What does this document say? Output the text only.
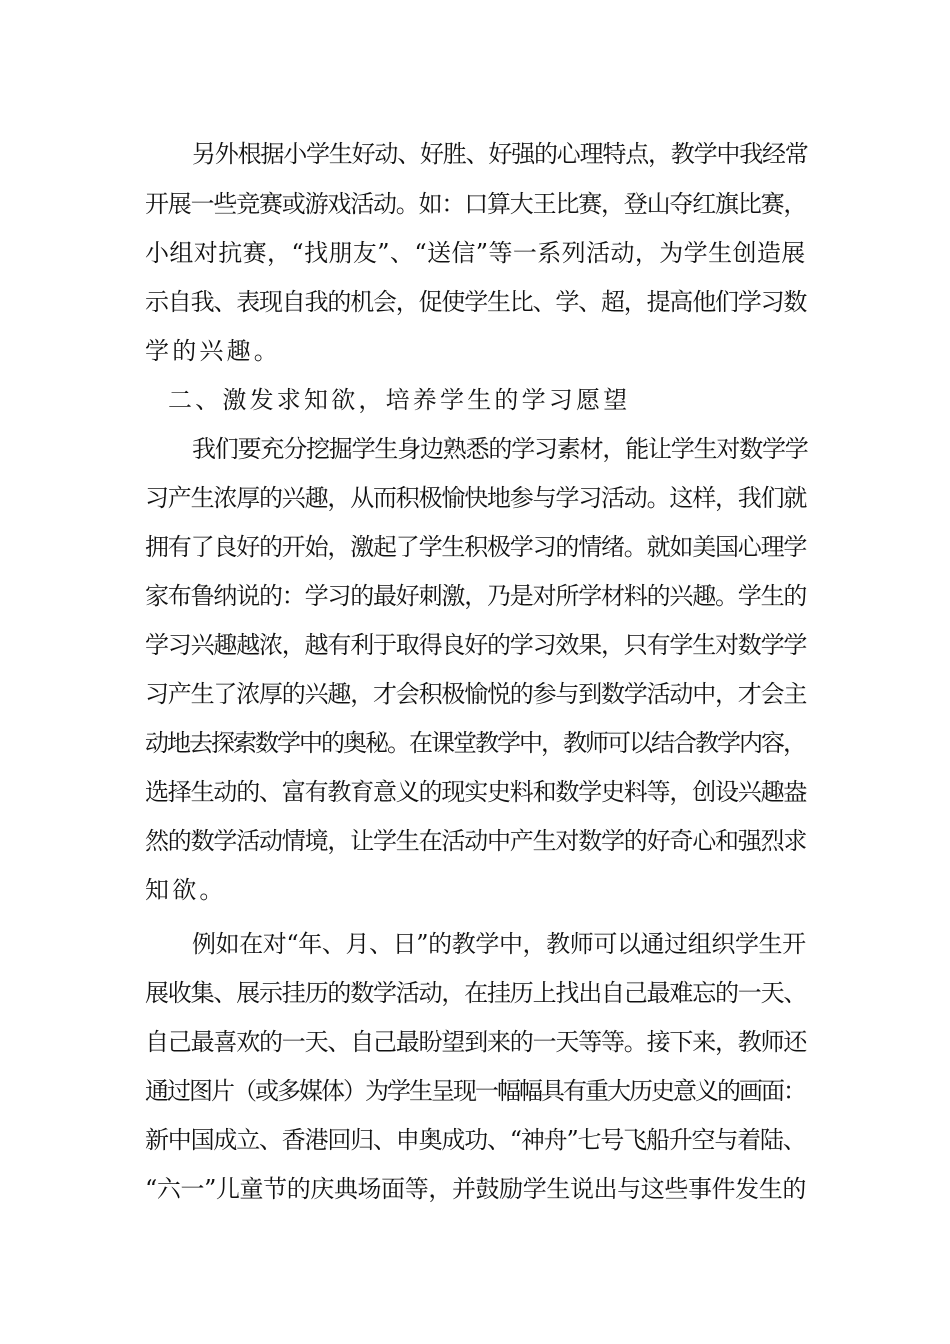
另外根据小学生好动、好胜、好强的心理特点，教学中我经常
开展一些竞赛或游戏活动。如：口算大王比赛，登山夺红旗比赛，
小组对抗赛，“找朋友”、“送信”等一系列活动，为学生创造展
示自我、表现自我的机会，促使学生比、学、超，提高他们学习数
学的兴趣。
二、激发求知欲，培养学生的学习愿望
我们要充分挖掘学生身边熟悉的学习素材，能让学生对数学学
习产生浓厚的兴趣，从而积极愉快地参与学习活动。这样，我们就
拥有了良好的开始，激起了学生积极学习的情绪。就如美国心理学
家布鲁纳说的：学习的最好刺激，乃是对所学材料的兴趣。学生的
学习兴趣越浓，越有利于取得良好的学习效果，只有学生对数学学
习产生了浓厚的兴趣，才会积极愉悦的参与到数学活动中，才会主
动地去探索数学中的奥秘。在课堂教学中，教师可以结合教学内容，
选择生动的、富有教育意义的现实史料和数学史料等，创设兴趣盎
然的数学活动情境，让学生在活动中产生对数学的好奇心和强烈求
知欲。
例如在对“年、月、日”的教学中，教师可以通过组织学生开
展收集、展示挂历的数学活动，在挂历上找出自己最难忘的一天、
自己最喜欢的一天、自己最盼望到来的一天等等。接下来，教师还
通过图片（或多媒体）为学生呈现一幅幅具有重大历史意义的画面：
新中国成立、香港回归、申奥成功、“神舟”七号飞船升空与着陆、
“六一”儿童节的庆典场面等，并鼓励学生说出与这些事件发生的
